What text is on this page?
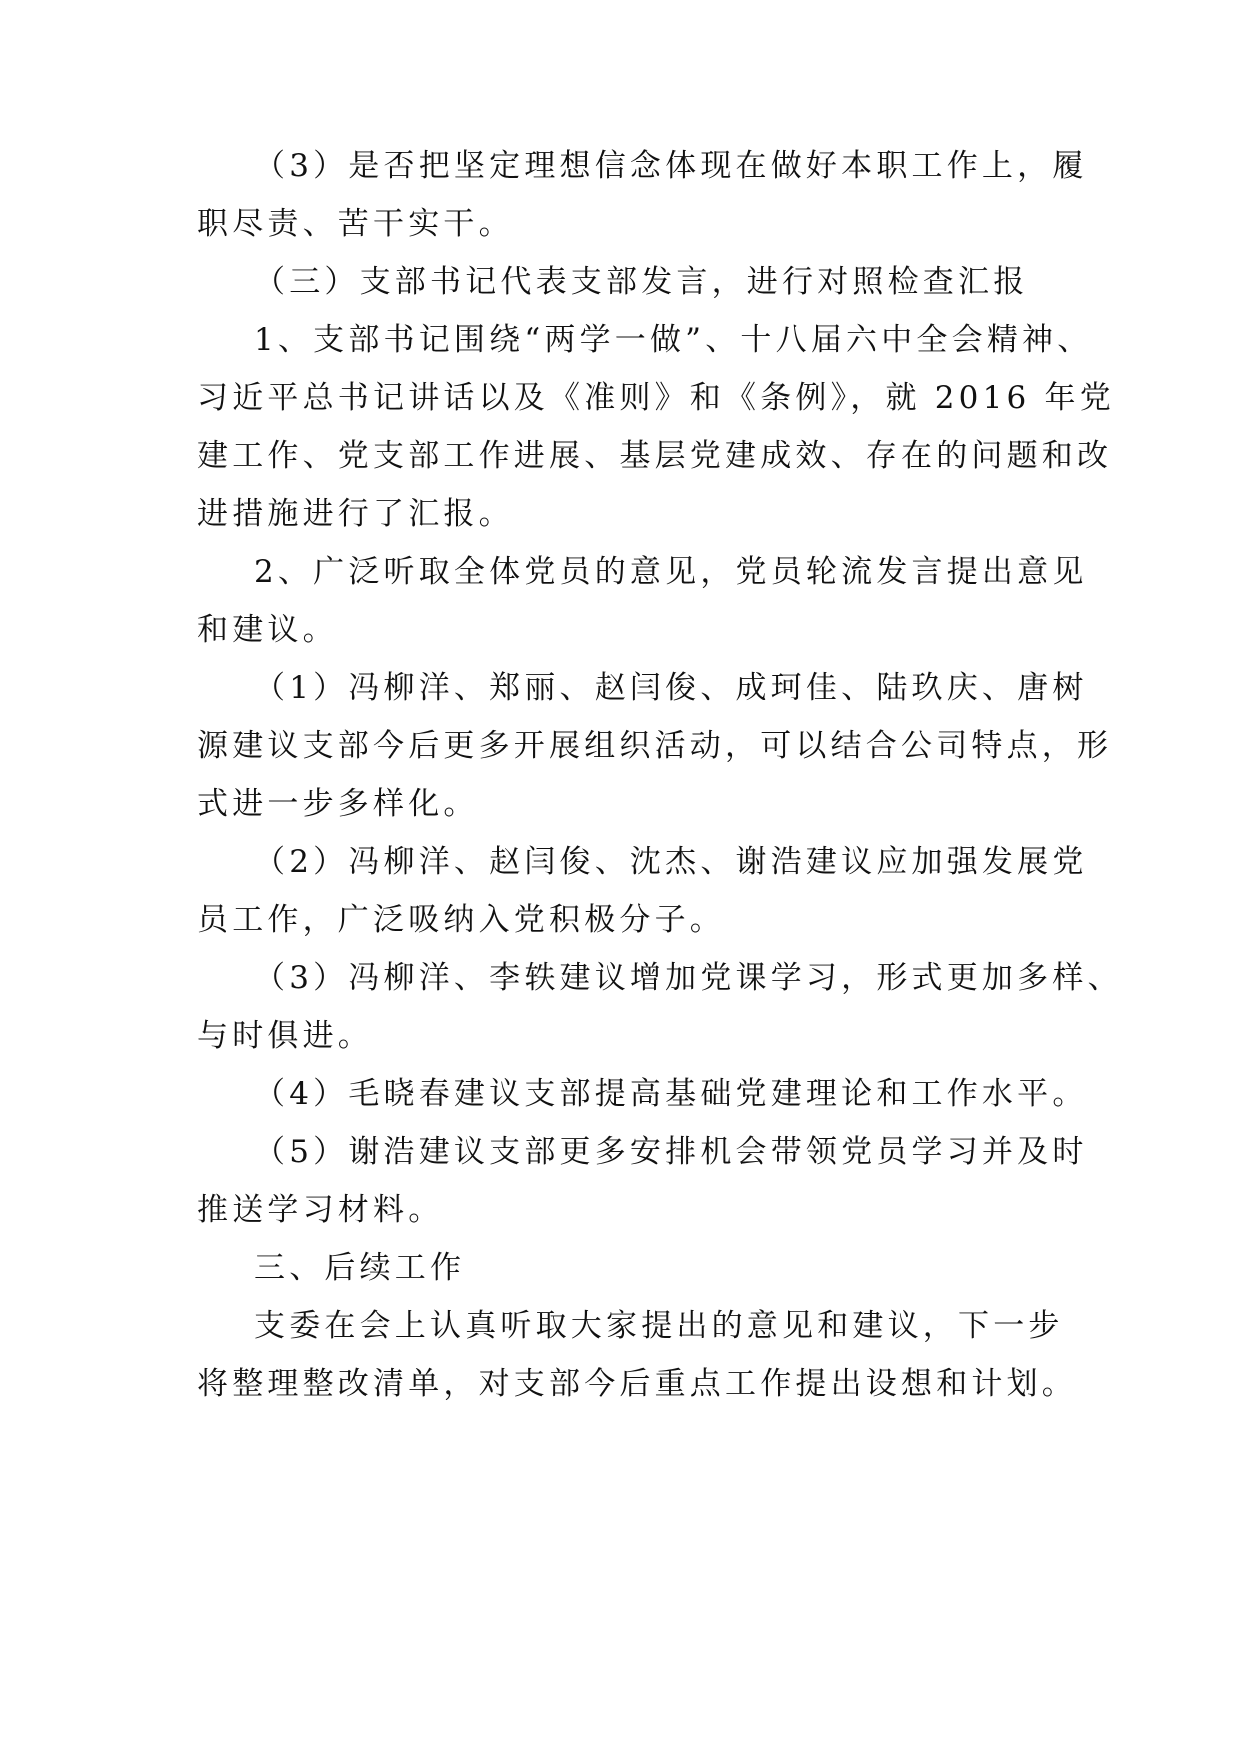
（3）是否把坚定理想信念体现在做好本职工作上，履
职尽责、苦干实干。
（三）支部书记代表支部发言，进行对照检查汇报
1、支部书记围绕“两学一做”、十八届六中全会精神、
习近平总书记讲话以及《准则》和《条例》，就 2016 年党
建工作、党支部工作进展、基层党建成效、存在的问题和改
进措施进行了汇报。
2、广泛听取全体党员的意见，党员轮流发言提出意见
和建议。
（1）冯柳洋、郑丽、赵闫俊、成珂佳、陆玖庆、唐树
源建议支部今后更多开展组织活动，可以结合公司特点，形
式进一步多样化。
（2）冯柳洋、赵闫俊、沈杰、谢浩建议应加强发展党
员工作，广泛吸纳入党积极分子。
（3）冯柳洋、李轶建议增加党课学习，形式更加多样、
与时俱进。
（4）毛晓春建议支部提高基础党建理论和工作水平。
（5）谢浩建议支部更多安排机会带领党员学习并及时
推送学习材料。
三、后续工作
支委在会上认真听取大家提出的意见和建议，下一步
将整理整改清单，对支部今后重点工作提出设想和计划。
